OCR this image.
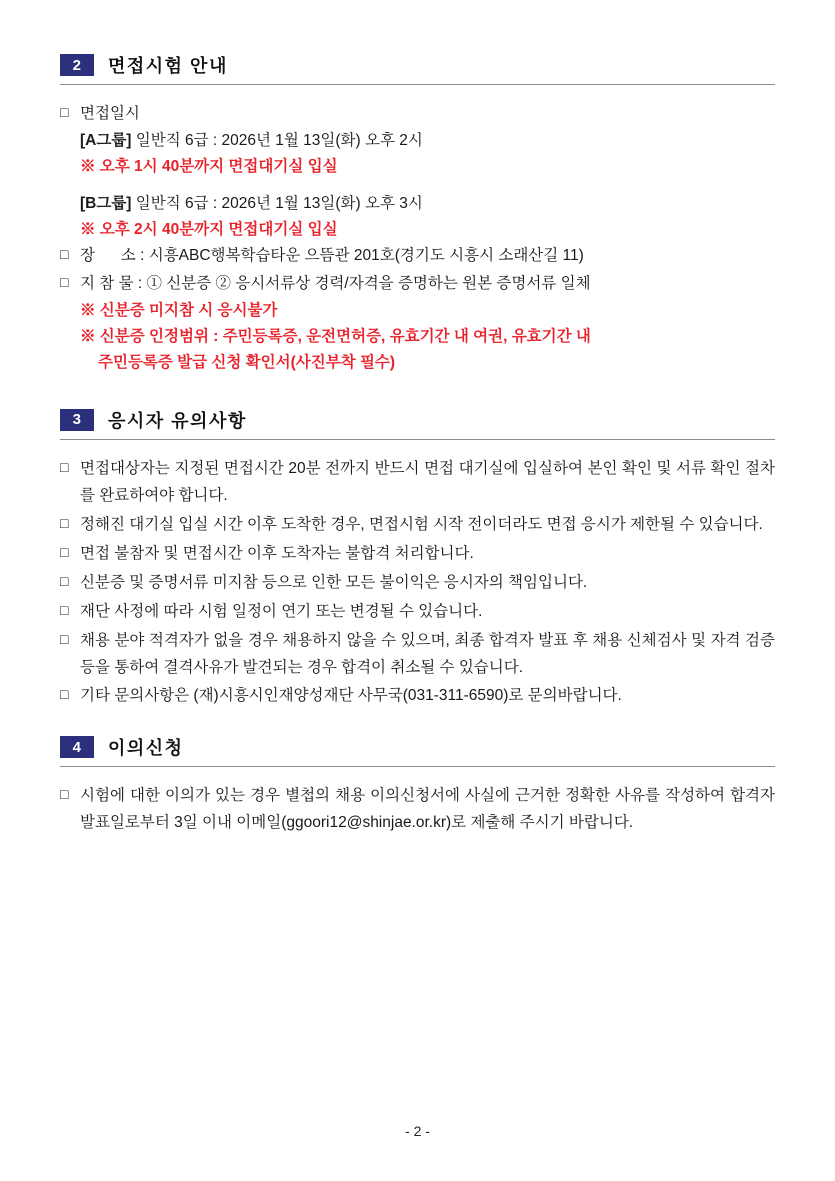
2	면접시험 안내
□ 면접일시
[A그룹] 일반직 6급 : 2026년 1월 13일(화) 오후 2시
※ 오후 1시 40분까지 면접대기실 입실
[B그룹] 일반직 6급 : 2026년 1월 13일(화) 오후 3시
※ 오후 2시 40분까지 면접대기실 입실
□ 장      소 : 시흥ABC행복학습타운 으뜸관 201호(경기도 시흥시 소래산길 11)
□ 지 참 물 : ① 신분증 ② 응시서류상 경력/자격을 증명하는 원본 증명서류 일체
※ 신분증 미지참 시 응시불가
※ 신분증 인정범위 : 주민등록증, 운전면허증, 유효기간 내 여권, 유효기간 내
주민등록증 발급 신청 확인서(사진부착 필수)
3	응시자 유의사항
□ 면접대상자는 지정된 면접시간 20분 전까지 반드시 면접 대기실에 입실하여 본인 확인 및 서류 확인 절차를 완료하여야 합니다.
□ 정해진 대기실 입실 시간 이후 도착한 경우, 면접시험 시작 전이더라도 면접 응시가 제한될 수 있습니다.
□ 면접 불참자 및 면접시간 이후 도착자는 불합격 처리합니다.
□ 신분증 및 증명서류 미지참 등으로 인한 모든 불이익은 응시자의 책임입니다.
□ 재단 사정에 따라 시험 일정이 연기 또는 변경될 수 있습니다.
□ 채용 분야 적격자가 없을 경우 채용하지 않을 수 있으며, 최종 합격자 발표 후 채용 신체검사 및 자격 검증 등을 통하여 결격사유가 발견되는 경우 합격이 취소될 수 있습니다.
□ 기타 문의사항은 (재)시흥시인재양성재단 사무국(031-311-6590)로 문의바랍니다.
4	이의신청
□ 시험에 대한 이의가 있는 경우 별첩의 채용 이의신청서에 사실에 근거한 정확한 사유를 작성하여 합격자 발표일로부터 3일 이내 이메일(ggoori12@shinjae.or.kr)로 제출해 주시기 바랍니다.
- 2 -
